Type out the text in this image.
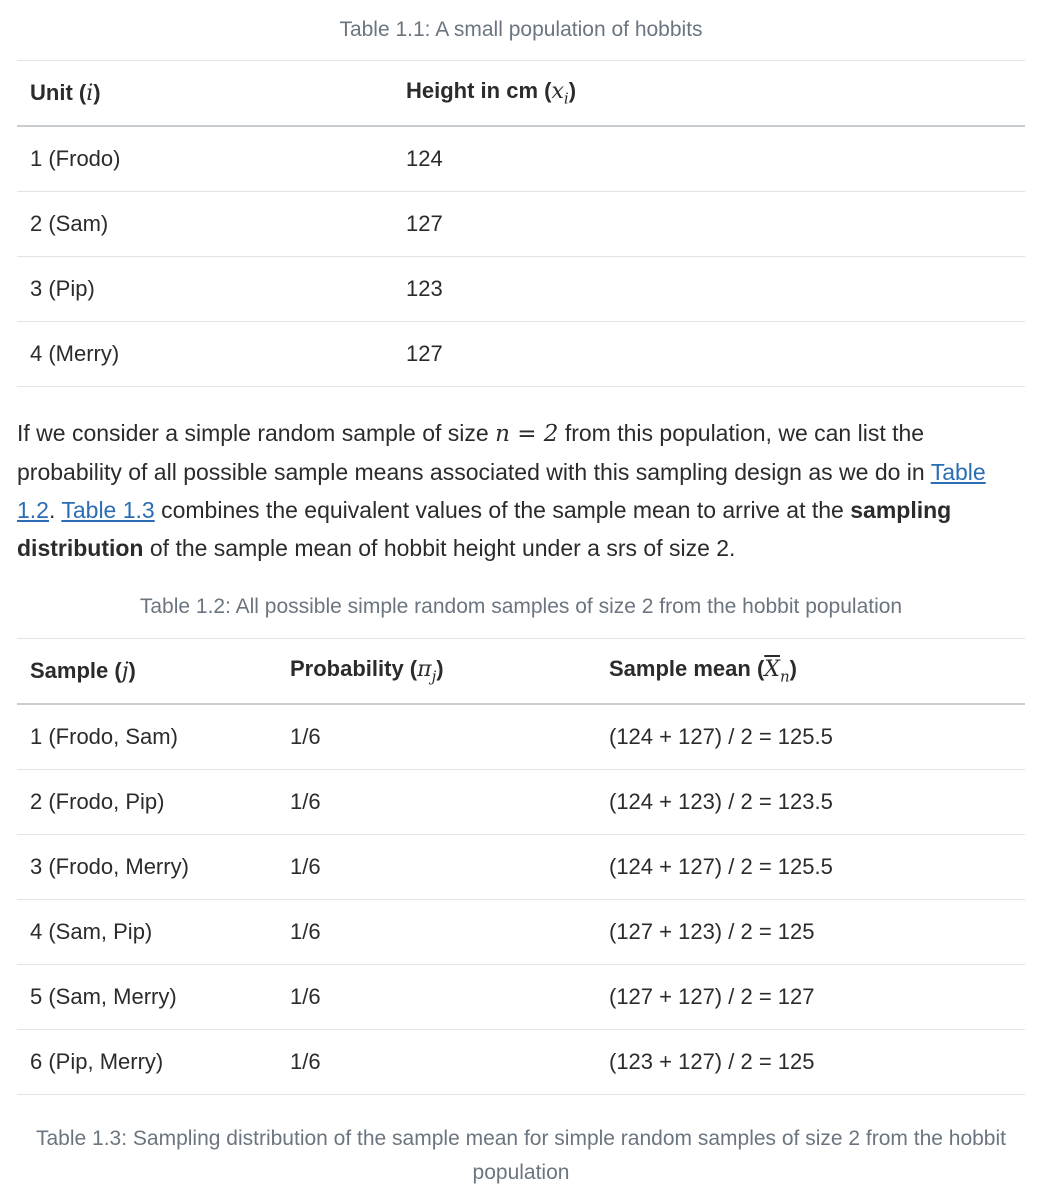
Table 1.1: A small population of hobbits
Unit (i)	Height in cm $(x_i)$
1 (Frodo)	124
2 (Sam)	127
3 (Pip)	123
4 (Merry)	127

If we consider a simple random sample of size n = 2 from this population, we can list the probability of all possible sample means associated with this sampling design as we do in Table 1.2. Table 1.3 combines the equivalent values of the sample mean to arrive at the sampling distribution of the sample mean of hobbit height under a srs of size 2.

Table 1.2: All possible simple random samples of size 2 from the hobbit population
Sample (j)	Probability $(\pi_j)$	Sample mean $(\overline{X}_n)$
1 (Frodo, Sam)	1/6	(124 + 127) / 2 = 125.5
2 (Frodo, Pip)	1/6	(124 + 123) / 2 = 123.5
3 (Frodo, Merry)	1/6	(124 + 127) / 2 = 125.5
4 (Sam, Pip)	1/6	(127 + 123) / 2 = 125
5 (Sam, Merry)	1/6	(127 + 127) / 2 = 127
6 (Pip, Merry)	1/6	(123 + 127) / 2 = 125
Table 1.3: Sampling distribution of the sample mean for simple random samples of size 2 from the hobbit population
